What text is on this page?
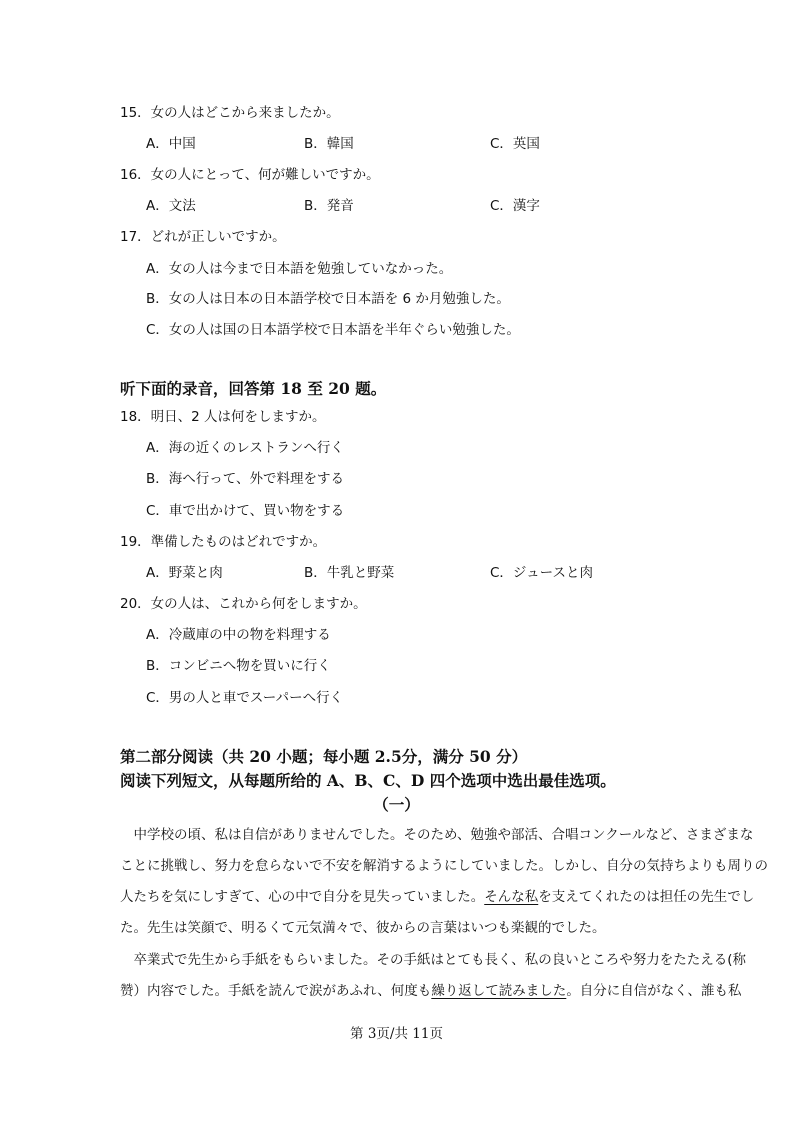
15．女の人はどこから来ましたか。
A．中国	B．韓国	C．英国
16．女の人にとって、何が難しいですか。
A．文法	B．発音	C．漢字
17．どれが正しいですか。
A．女の人は今まで日本語を勉強していなかった。
B．女の人は日本の日本語学校で日本語を 6 か月勉強した。
C．女の人は国の日本語学校で日本語を半年ぐらい勉強した。
听下面的录音，回答第 18 至 20 题。
18．明日、2 人は何をしますか。
A．海の近くのレストランへ行く
B．海へ行って、外で料理をする
C．車で出かけて、買い物をする
19．準備したものはどれですか。
A．野菜と肉	B．牛乳と野菜	C．ジュースと肉
20．女の人は、これから何をしますか。
A．冷蔵庫の中の物を料理する
B．コンビニへ物を買いに行く
C．男の人と車でスーパーへ行く
第二部分阅读（共 20 小题；每小题 2.5分，满分 50 分）
阅读下列短文，从每题所给的 A、B、C、D 四个选项中选出最佳选项。
（一）
　中学校の頃、私は自信がありませんでした。そのため、勉強や部活、合唱コンクールなど、さまざまな
ことに挑戦し、努力を怠らないで不安を解消するようにしていました。しかし、自分の気持ちよりも周りの
人たちを気にしすぎて、心の中で自分を見失っていました。そんな私を支えてくれたのは担任の先生でし
た。先生は笑顔で、明るくて元気満々で、彼からの言葉はいつも楽観的でした。
　卒業式で先生から手紙をもらいました。その手紙はとても長く、私の良いところや努力をたたえる(称
赞）内容でした。手紙を読んで涙があふれ、何度も繰り返して読みました。自分に自信がなく、誰も私
第 3页/共 11页
